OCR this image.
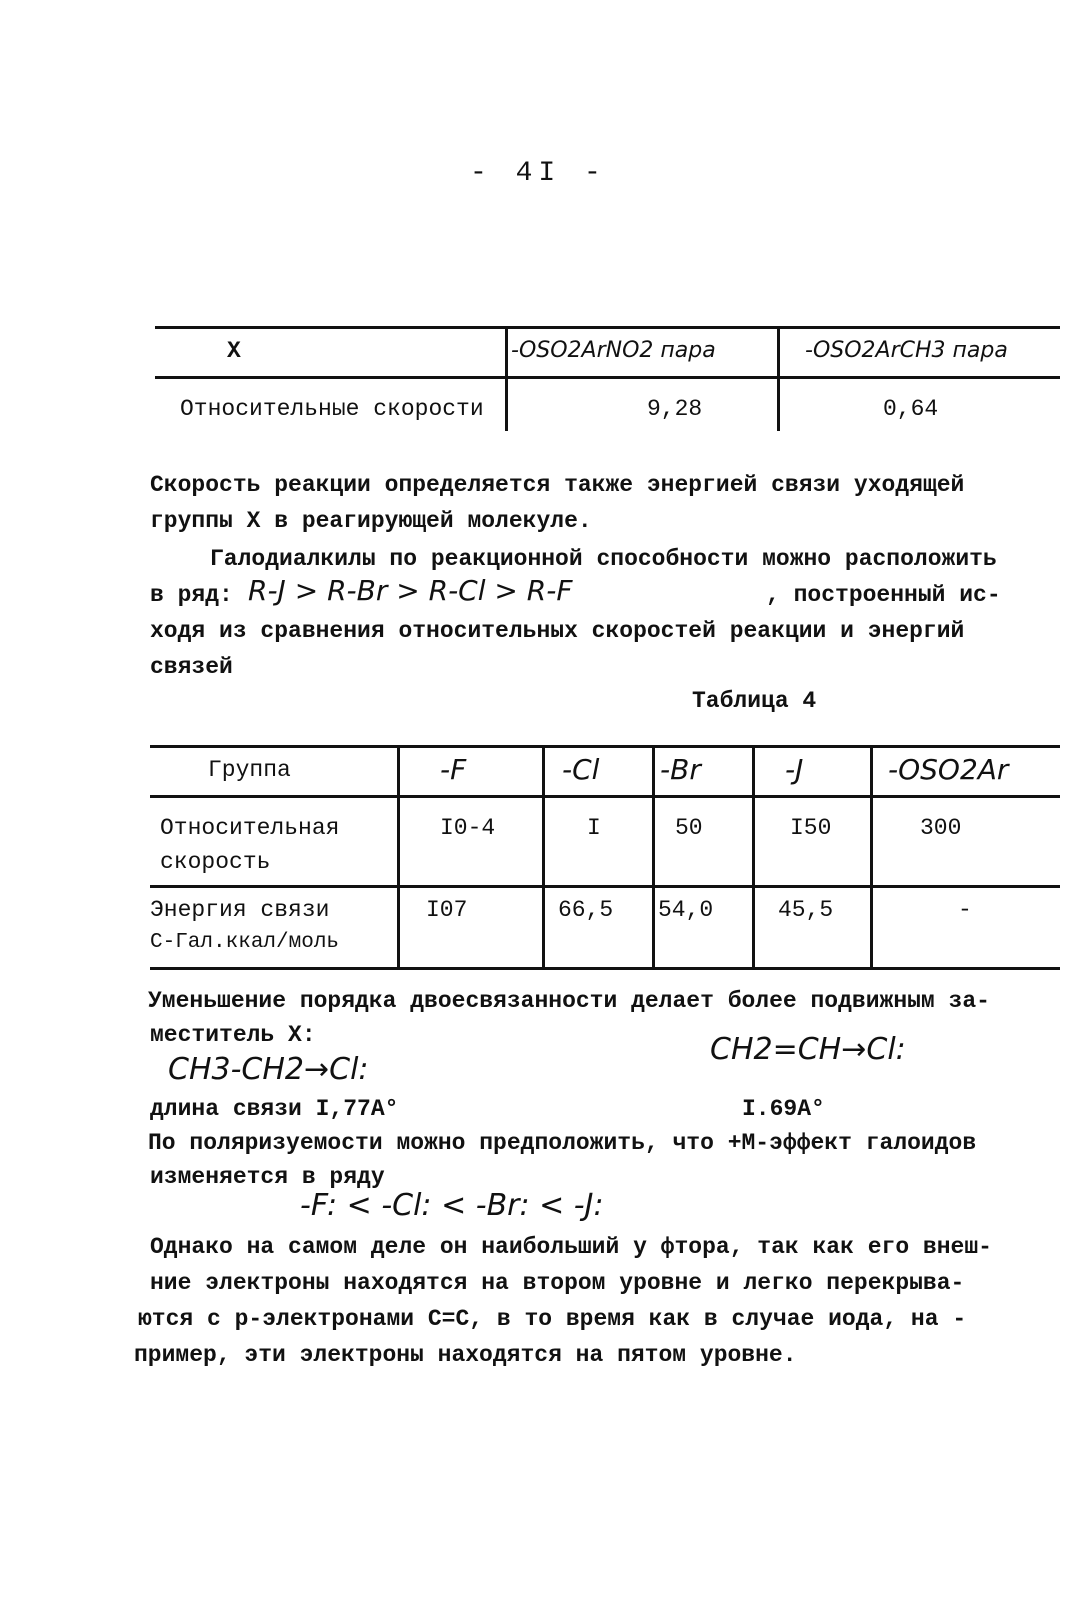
- 4I -
X	-OSO2ArNO2 пара	-OSO2ArCH3 пара
Относительные скорости	9,28	0,64
Скорость реакции определяется также энергией связи уходящей
группы X в реагирующей молекуле.
Галодиалкилы по реакционной способности можно расположить
в ряд: R-J > R-Br > R-Cl > R-F	, построенный ис-
ходя из сравнения относительных скоростей реакции и энергий
связей
Таблица 4
Группа	-F	-Cl -Br	-J	-OSO2Ar
Относительная
скорость
I0-4	I	50	I50	300
Энергия связи
С-Гал.ккал/моль
I07	66,5 54,0	45,5	-
Уменьшение порядка двоесвязанности делает более подвижным за-
меститель X:
CH3-CH2→Cl:
CH2=CH→Cl:
длина связи I,77A°	I.69A°
По поляризуемости можно предположить, что +М-эффект галоидов
изменяется в ряду
-F: < -Cl: < -Br: < -J:
Однако на самом деле он наибольший у фтора, так как его внеш-
ние электроны находятся на втором уровне и легко перекрыва-
ются с р-электронами С=С, в то время как в случае иода, на -
пример, эти электроны находятся на пятом уровне.
